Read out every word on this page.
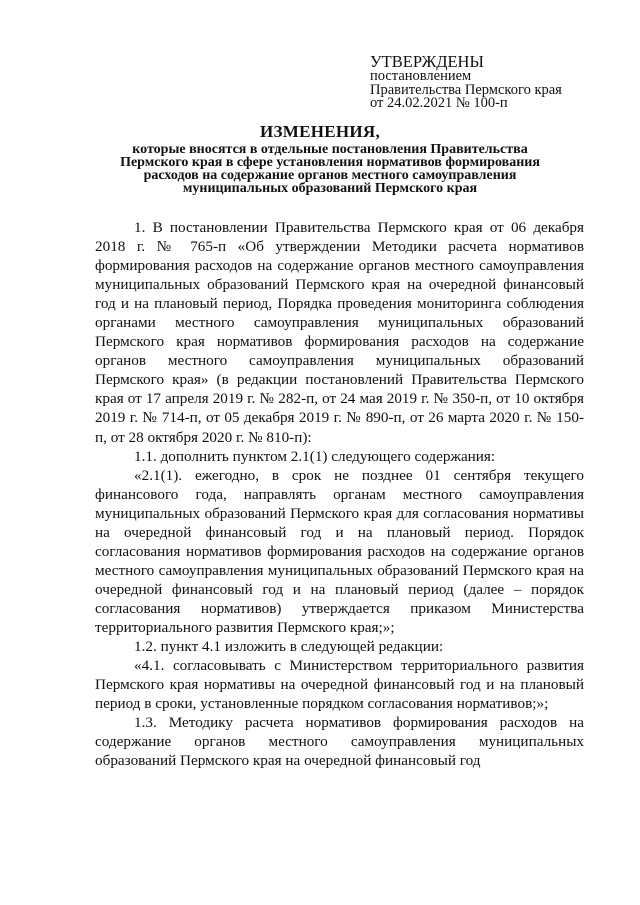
УТВЕРЖДЕНЫ
постановлением
Правительства Пермского края
от 24.02.2021 № 100-п
ИЗМЕНЕНИЯ,
которые вносятся в отдельные постановления Правительства Пермского края в сфере установления нормативов формирования расходов на содержание органов местного самоуправления муниципальных образований Пермского края

1. В постановлении Правительства Пермского края от 06 декабря 2018 г. № 765-п «Об утверждении Методики расчета нормативов формирования расходов на содержание органов местного самоуправления муниципальных образований Пермского края на очередной финансовый год и на плановый период, Порядка проведения мониторинга соблюдения органами местного самоуправления муниципальных образований Пермского края нормативов формирования расходов на содержание органов местного самоуправления муниципальных образований Пермского края» (в редакции постановлений Правительства Пермского края от 17 апреля 2019 г. № 282-п, от 24 мая 2019 г. № 350-п, от 10 октября 2019 г. № 714-п, от 05 декабря 2019 г. № 890-п, от 26 марта 2020 г. № 150-п, от 28 октября 2020 г. № 810-п):

1.1. дополнить пунктом 2.1(1) следующего содержания:

«2.1(1). ежегодно, в срок не позднее 01 сентября текущего финансового года, направлять органам местного самоуправления муниципальных образований Пермского края для согласования нормативы на очередной финансовый год и на плановый период. Порядок согласования нормативов формирования расходов на содержание органов местного самоуправления муниципальных образований Пермского края на очередной финансовый год и на плановый период (далее – порядок согласования нормативов) утверждается приказом Министерства территориального развития Пермского края;»;

1.2. пункт 4.1 изложить в следующей редакции:

«4.1. согласовывать с Министерством территориального развития Пермского края нормативы на очередной финансовый год и на плановый период в сроки, установленные порядком согласования нормативов;»;

1.3. Методику расчета нормативов формирования расходов на содержание органов местного самоуправления муниципальных образований Пермского края на очередной финансовый год
